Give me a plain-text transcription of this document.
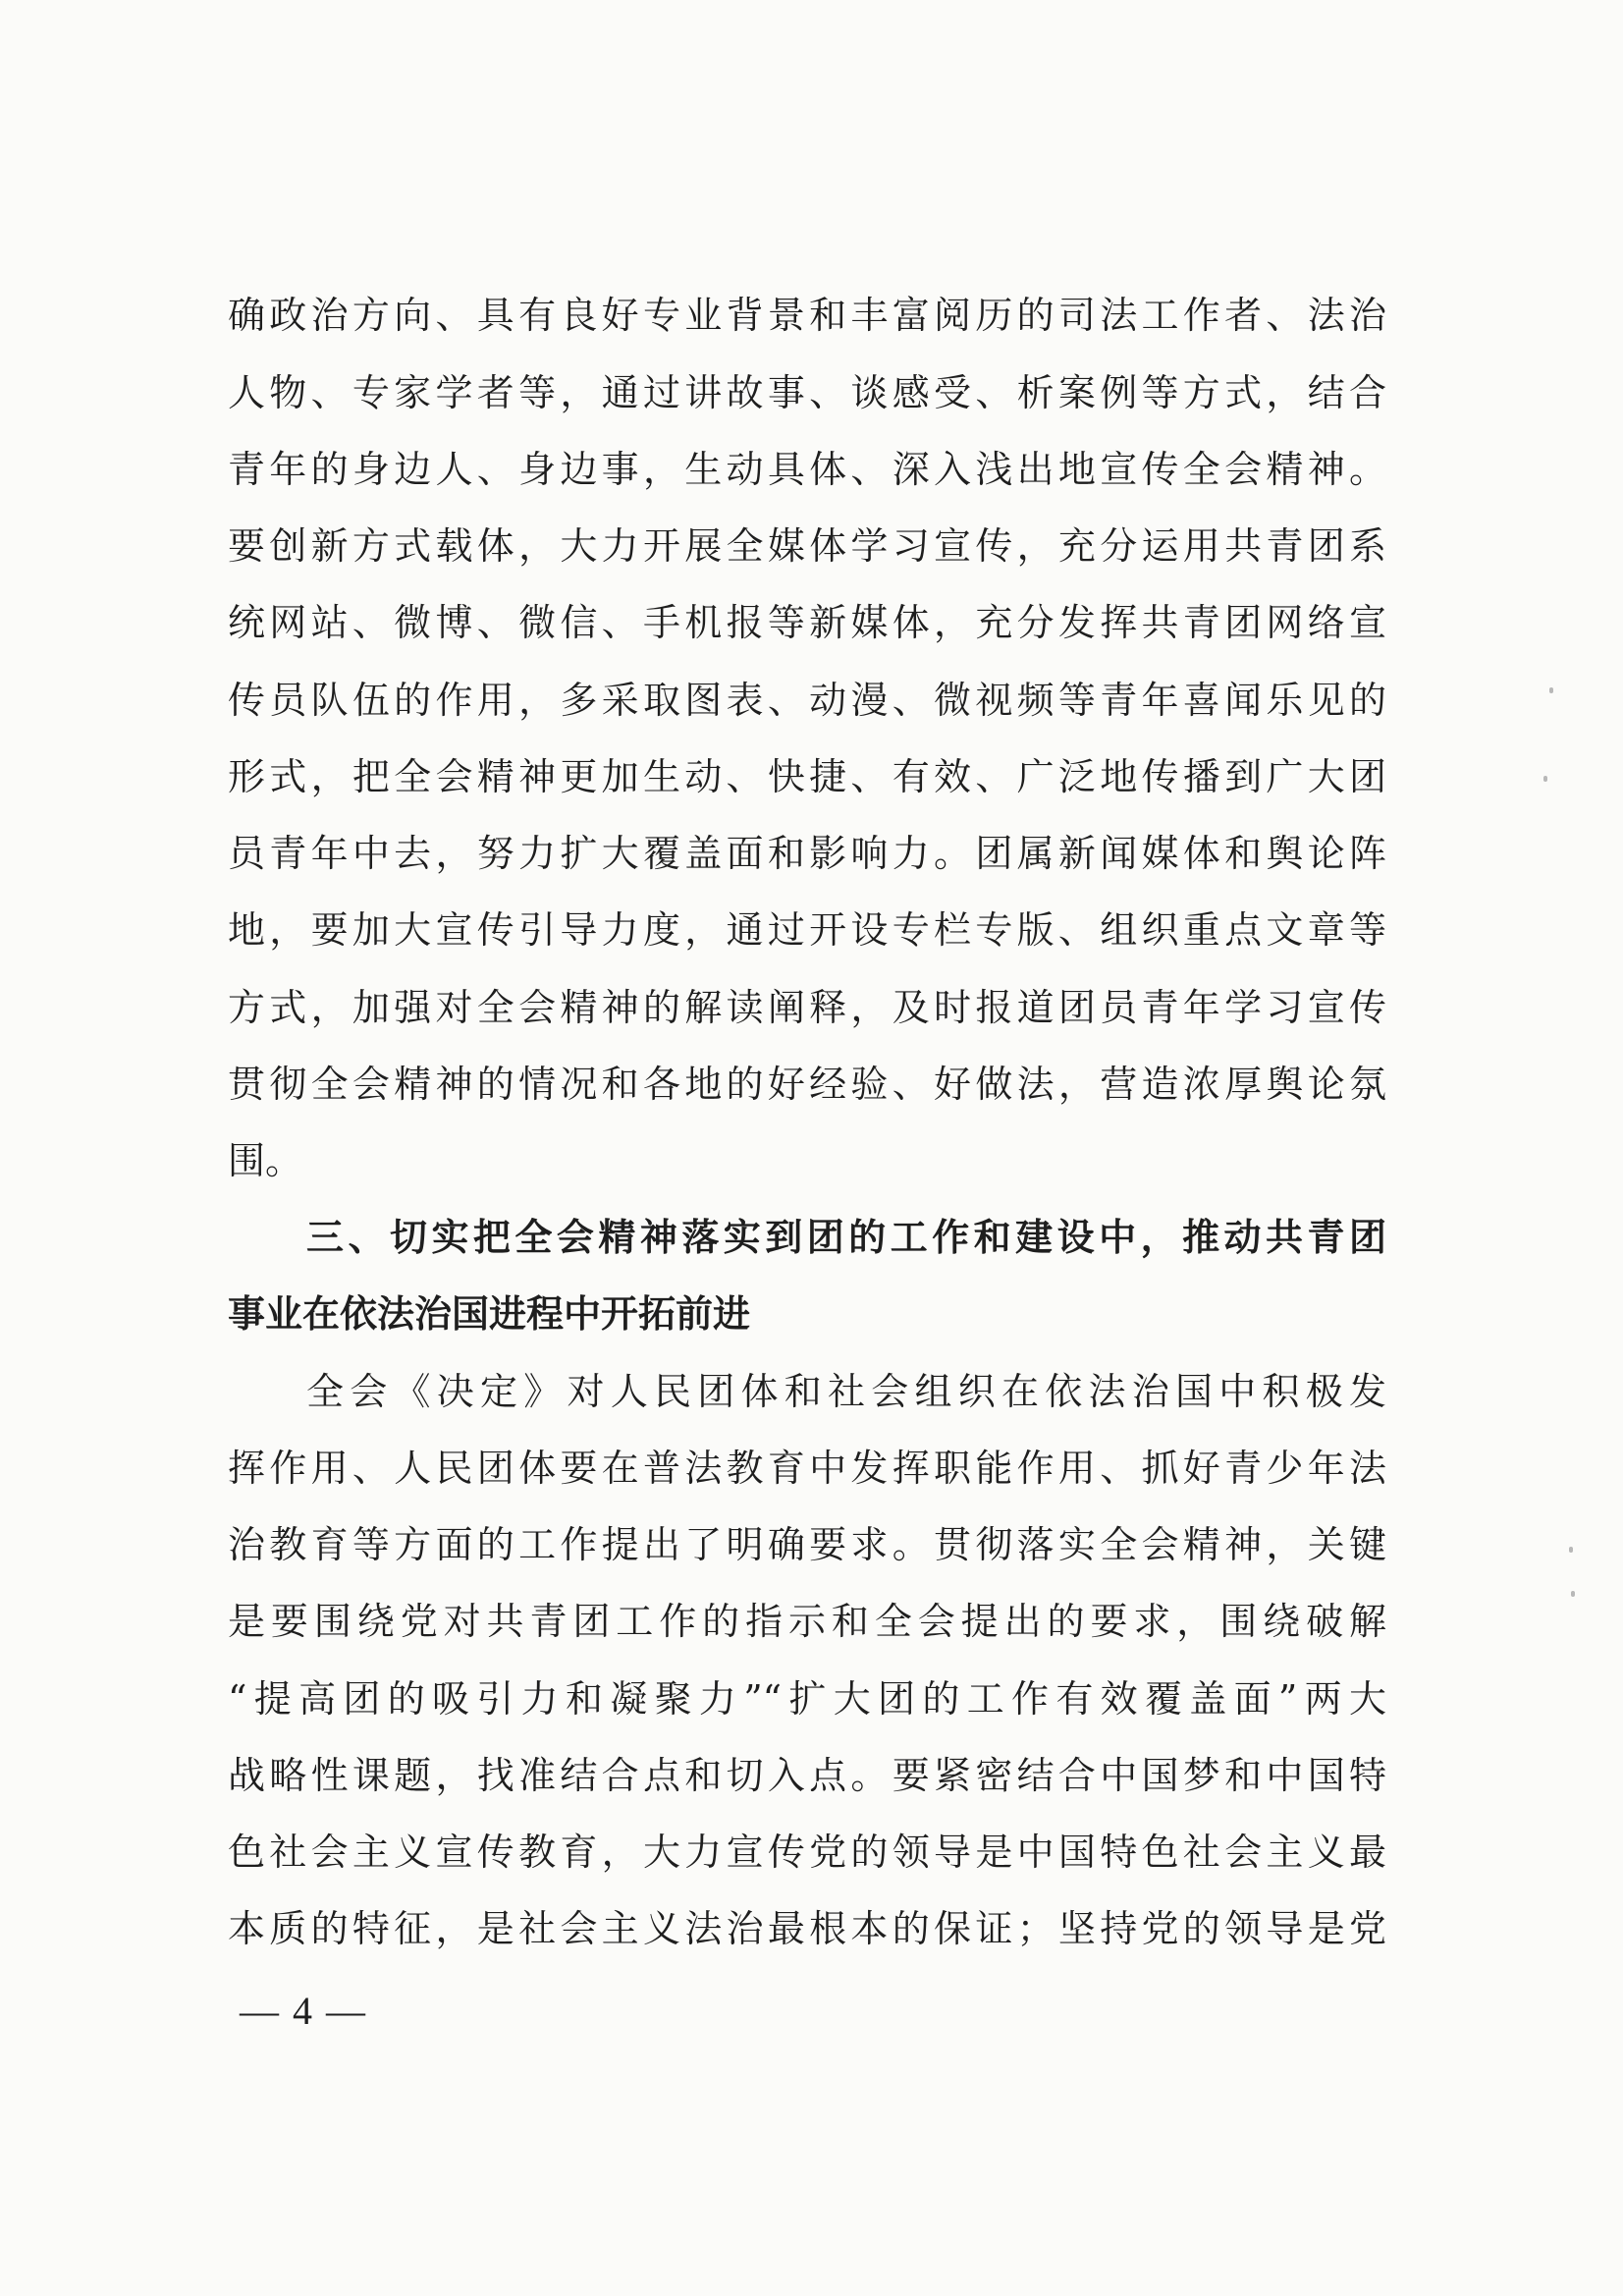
确政治方向、具有良好专业背景和丰富阅历的司法工作者、法治
人物、专家学者等，通过讲故事、谈感受、析案例等方式，结合
青年的身边人、身边事，生动具体、深入浅出地宣传全会精神。
要创新方式载体，大力开展全媒体学习宣传，充分运用共青团系
统网站、微博、微信、手机报等新媒体，充分发挥共青团网络宣
传员队伍的作用，多采取图表、动漫、微视频等青年喜闻乐见的
形式，把全会精神更加生动、快捷、有效、广泛地传播到广大团
员青年中去，努力扩大覆盖面和影响力。团属新闻媒体和舆论阵
地，要加大宣传引导力度，通过开设专栏专版、组织重点文章等
方式，加强对全会精神的解读阐释，及时报道团员青年学习宣传
贯彻全会精神的情况和各地的好经验、好做法，营造浓厚舆论氛
围。
三、切实把全会精神落实到团的工作和建设中，推动共青团
事业在依法治国进程中开拓前进
全会《决定》对人民团体和社会组织在依法治国中积极发
挥作用、人民团体要在普法教育中发挥职能作用、抓好青少年法
治教育等方面的工作提出了明确要求。贯彻落实全会精神，关键
是要围绕党对共青团工作的指示和全会提出的要求，围绕破解
“提高团的吸引力和凝聚力”“扩大团的工作有效覆盖面”两大
战略性课题，找准结合点和切入点。要紧密结合中国梦和中国特
色社会主义宣传教育，大力宣传党的领导是中国特色社会主义最
本质的特征，是社会主义法治最根本的保证；坚持党的领导是党
— 4 —
